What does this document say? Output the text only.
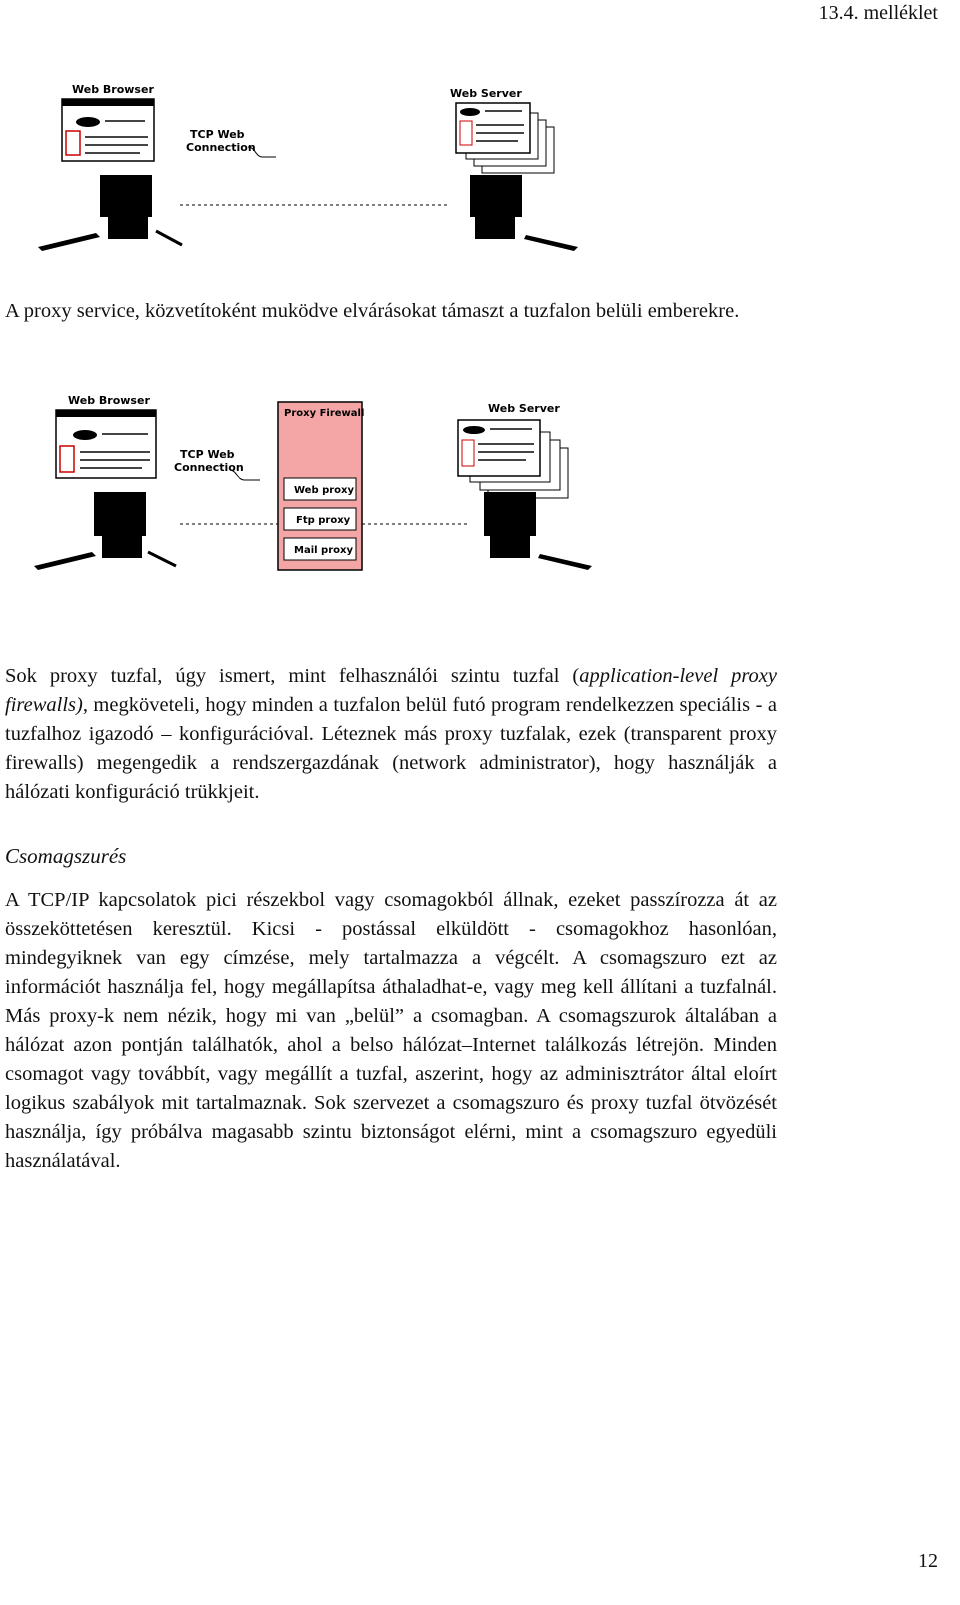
13.4. melléklet
Web Browser
TCP Web
Connection
Web Server

A proxy service, közvetítoként muködve elvárásokat támaszt a tuzfalon belüli emberekre.

Web Browser
TCP Web
Connection
Proxy Firewall
Web proxy
Ftp proxy
Mail proxy
Web Server

Sok proxy tuzfal, úgy ismert, mint felhasználói szintu tuzfal (application-level proxy firewalls), megköveteli, hogy minden a tuzfalon belül futó program rendelkezzen speciális - a tuzfalhoz igazodó – konfigurációval. Léteznek más proxy tuzfalak, ezek (transparent proxy firewalls) megengedik a rendszergazdának (network administrator), hogy használják a hálózati konfiguráció trükkjeit.

Csomagszurés

A TCP/IP kapcsolatok pici részekbol vagy csomagokból állnak, ezeket passzírozza át az összeköttetésen keresztül. Kicsi - postással elküldött - csomagokhoz hasonlóan, mindegyiknek van egy címzése, mely tartalmazza a végcélt. A csomagszuro ezt az információt használja fel, hogy megállapítsa áthaladhat-e, vagy meg kell állítani a tuzfalnál. Más proxy-k nem nézik, hogy mi van „belül” a csomagban. A csomagszurok általában a hálózat azon pontján találhatók, ahol a belso hálózat–Internet találkozás létrejön. Minden csomagot vagy továbbít, vagy megállít a tuzfal, aszerint, hogy az adminisztrátor által eloírt logikus szabályok mit tartalmaznak. Sok szervezet a csomagszuro és proxy tuzfal ötvözését használja, így próbálva magasabb szintu biztonságot elérni, mint a csomagszuro egyedüli használatával.

12
